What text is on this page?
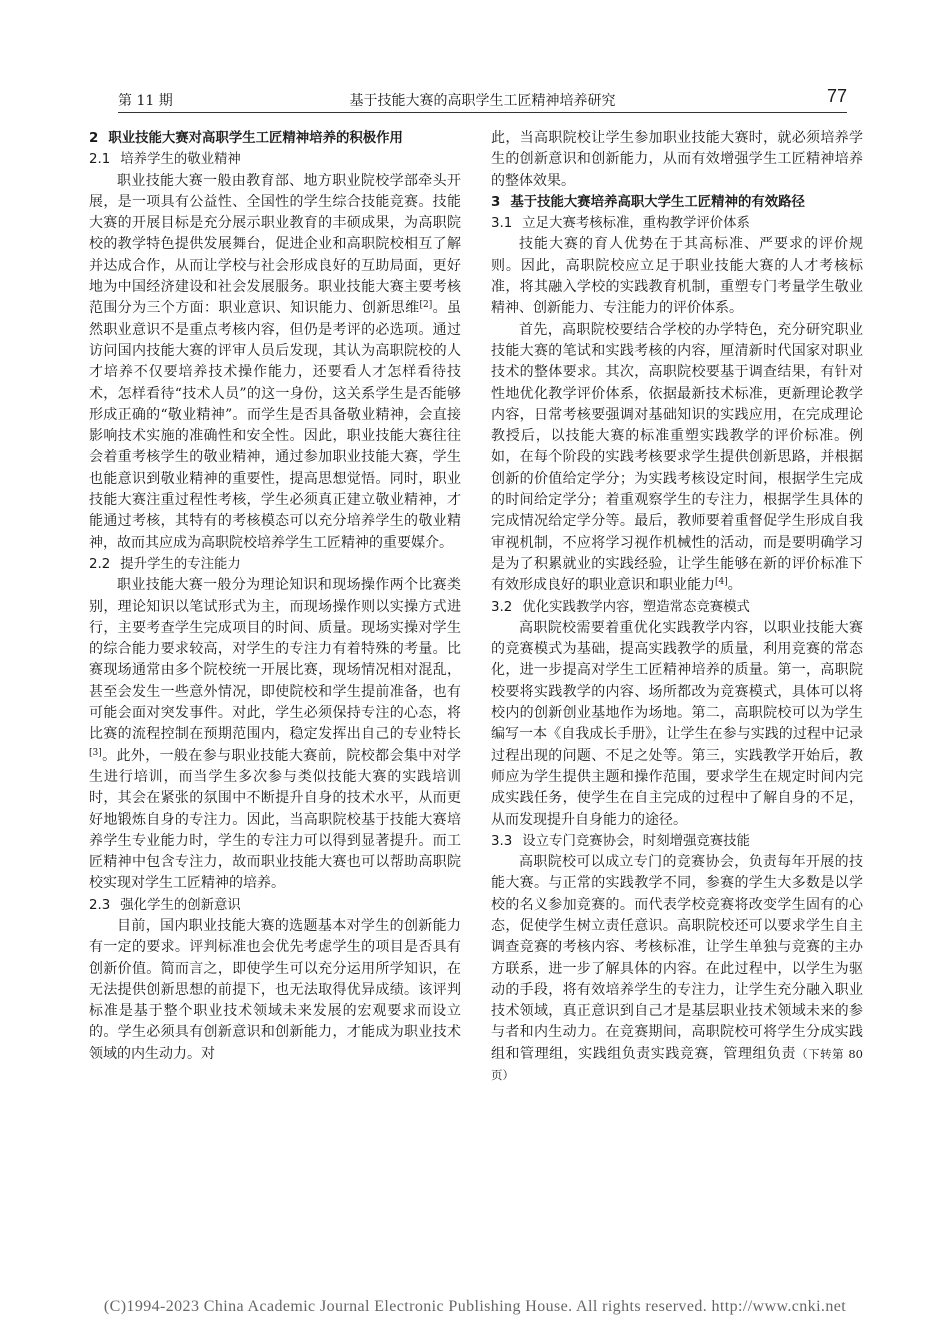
第 11 期	基于技能大赛的高职学生工匠精神培养研究	77
2 职业技能大赛对高职学生工匠精神培养的积极作用
2.1 培养学生的敬业精神

职业技能大赛一般由教育部、地方职业院校学部牵头开展，是一项具有公益性、全国性的学生综合技能竞赛。技能大赛的开展目标是充分展示职业教育的丰硕成果，为高职院校的教学特色提供发展舞台，促进企业和高职院校相互了解并达成合作，从而让学校与社会形成良好的互助局面，更好地为中国经济建设和社会发展服务。职业技能大赛主要考核范围分为三个方面：职业意识、知识能力、创新思维[2]。虽然职业意识不是重点考核内容，但仍是考评的必选项。通过访问国内技能大赛的评审人员后发现，其认为高职院校的人才培养不仅要培养技术操作能力，还要看人才怎样看待技术，怎样看待“技术人员”的这一身份，这关系学生是否能够形成正确的“敬业精神”。而学生是否具备敬业精神，会直接影响技术实施的准确性和安全性。因此，职业技能大赛往往会着重考核学生的敬业精神，通过参加职业技能大赛，学生也能意识到敬业精神的重要性，提高思想觉悟。同时，职业技能大赛注重过程性考核，学生必须真正建立敬业精神，才能通过考核，其特有的考核模态可以充分培养学生的敬业精神，故而其应成为高职院校培养学生工匠精神的重要媒介。

2.2 提升学生的专注能力

职业技能大赛一般分为理论知识和现场操作两个比赛类别，理论知识以笔试形式为主，而现场操作则以实操方式进行，主要考查学生完成项目的时间、质量。现场实操对学生的综合能力要求较高，对学生的专注力有着特殊的考量。比赛现场通常由多个院校统一开展比赛，现场情况相对混乱，甚至会发生一些意外情况，即使院校和学生提前准备，也有可能会面对突发事件。对此，学生必须保持专注的心态，将比赛的流程控制在预期范围内，稳定发挥出自己的专业特长[3]。此外，一般在参与职业技能大赛前，院校都会集中对学生进行培训，而当学生多次参与类似技能大赛的实践培训时，其会在紧张的氛围中不断提升自身的技术水平，从而更好地锻炼自身的专注力。因此，当高职院校基于技能大赛培养学生专业能力时，学生的专注力可以得到显著提升。而工匠精神中包含专注力，故而职业技能大赛也可以帮助高职院校实现对学生工匠精神的培养。

2.3 强化学生的创新意识

目前，国内职业技能大赛的选题基本对学生的创新能力有一定的要求。评判标准也会优先考虑学生的项目是否具有创新价值。简而言之，即使学生可以充分运用所学知识，在无法提供创新思想的前提下，也无法取得优异成绩。该评判标准是基于整个职业技术领域未来发展的宏观要求而设立的。学生必须具有创新意识和创新能力，才能成为职业技术领域的内生动力。对

此，当高职院校让学生参加职业技能大赛时，就必须培养学生的创新意识和创新能力，从而有效增强学生工匠精神培养的整体效果。

3 基于技能大赛培养高职大学生工匠精神的有效路径
3.1 立足大赛考核标准，重构教学评价体系

技能大赛的育人优势在于其高标准、严要求的评价规则。因此，高职院校应立足于职业技能大赛的人才考核标准，将其融入学校的实践教育机制，重塑专门考量学生敬业精神、创新能力、专注能力的评价体系。

首先，高职院校要结合学校的办学特色，充分研究职业技能大赛的笔试和实践考核的内容，厘清新时代国家对职业技术的整体要求。其次，高职院校要基于调查结果，有针对性地优化教学评价体系，依据最新技术标准，更新理论教学内容，日常考核要强调对基础知识的实践应用，在完成理论教授后，以技能大赛的标准重塑实践教学的评价标准。例如，在每个阶段的实践考核要求学生提供创新思路，并根据创新的价值给定学分；为实践考核设定时间，根据学生完成的时间给定学分；着重观察学生的专注力，根据学生具体的完成情况给定学分等。最后，教师要着重督促学生形成自我审视机制，不应将学习视作机械性的活动，而是要明确学习是为了积累就业的实践经验，让学生能够在新的评价标准下有效形成良好的职业意识和职业能力[4]。

3.2 优化实践教学内容，塑造常态竞赛模式

高职院校需要着重优化实践教学内容，以职业技能大赛的竞赛模式为基础，提高实践教学的质量，利用竞赛的常态化，进一步提高对学生工匠精神培养的质量。第一，高职院校要将实践教学的内容、场所都改为竞赛模式，具体可以将校内的创新创业基地作为场地。第二，高职院校可以为学生编写一本《自我成长手册》，让学生在参与实践的过程中记录过程出现的问题、不足之处等。第三，实践教学开始后，教师应为学生提供主题和操作范围，要求学生在规定时间内完成实践任务，使学生在自主完成的过程中了解自身的不足，从而发现提升自身能力的途径。

3.3 设立专门竞赛协会，时刻增强竞赛技能

高职院校可以成立专门的竞赛协会，负责每年开展的技能大赛。与正常的实践教学不同，参赛的学生大多数是以学校的名义参加竞赛的。而代表学校竞赛将改变学生固有的心态，促使学生树立责任意识。高职院校还可以要求学生自主调查竞赛的考核内容、考核标准，让学生单独与竞赛的主办方联系，进一步了解具体的内容。在此过程中，以学生为驱动的手段，将有效培养学生的专注力，让学生充分融入职业技术领域，真正意识到自己才是基层职业技术领域未来的参与者和内生动力。在竞赛期间，高职院校可将学生分成实践组和管理组，实践组负责实践竞赛，管理组负责（下转第 80 页）

(C)1994-2023 China Academic Journal Electronic Publishing House. All rights reserved. http://www.cnki.net
